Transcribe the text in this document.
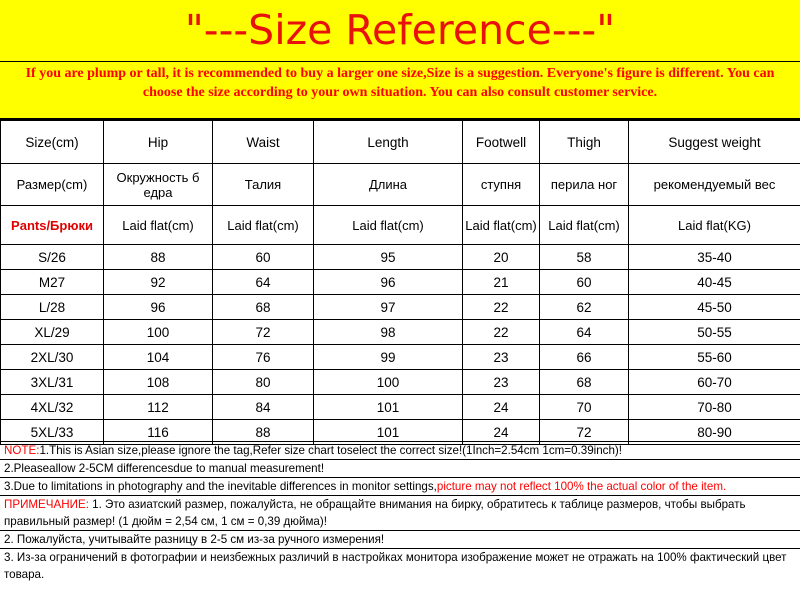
"---Size Reference---"
If you are plump or tall, it is recommended to buy a larger one size,Size is a suggestion. Everyone's figure is different. You can choose the size according to your own situation. You can also consult customer service.
Size(cm)	Hip	Waist	Length	Footwell	Thigh	Suggest weight
Размер(cm)	Окружность б едра	Талия	Длина	ступня	перила ног	рекомендуемый вес
Pants/Брюки	Laid flat(cm)	Laid flat(cm)	Laid flat(cm)	Laid flat(cm)	Laid flat(cm)	Laid flat(KG)
S/26	88	60	95	20	58	35-40
M27	92	64	96	21	60	40-45
L/28	96	68	97	22	62	45-50
XL/29	100	72	98	22	64	50-55
2XL/30	104	76	99	23	66	55-60
3XL/31	108	80	100	23	68	60-70
4XL/32	112	84	101	24	70	70-80
5XL/33	116	88	101	24	72	80-90
NOTE:1.This is Asian size,please ignore the tag,Refer size chart toselect the correct size!(1Inch=2.54cm 1cm=0.39inch)!
2.Pleaseallow 2-5CM differencesdue to manual measurement!
3.Due to limitations in photography and the inevitable differences in monitor settings,picture may not reflect 100% the actual color of the item.
ПРИМЕЧАНИЕ: 1. Это азиатский размер, пожалуйста, не обращайте внимания на бирку, обратитесь к таблице размеров, чтобы выбрать правильный размер! (1 дюйм = 2,54 см, 1 см = 0,39 дюйма)!
2. Пожалуйста, учитывайте разницу в 2-5 см из-за ручного измерения!
3. Из-за ограничений в фотографии и неизбежных различий в настройках монитора изображение может не отражать на 100% фактический цвет товара.
